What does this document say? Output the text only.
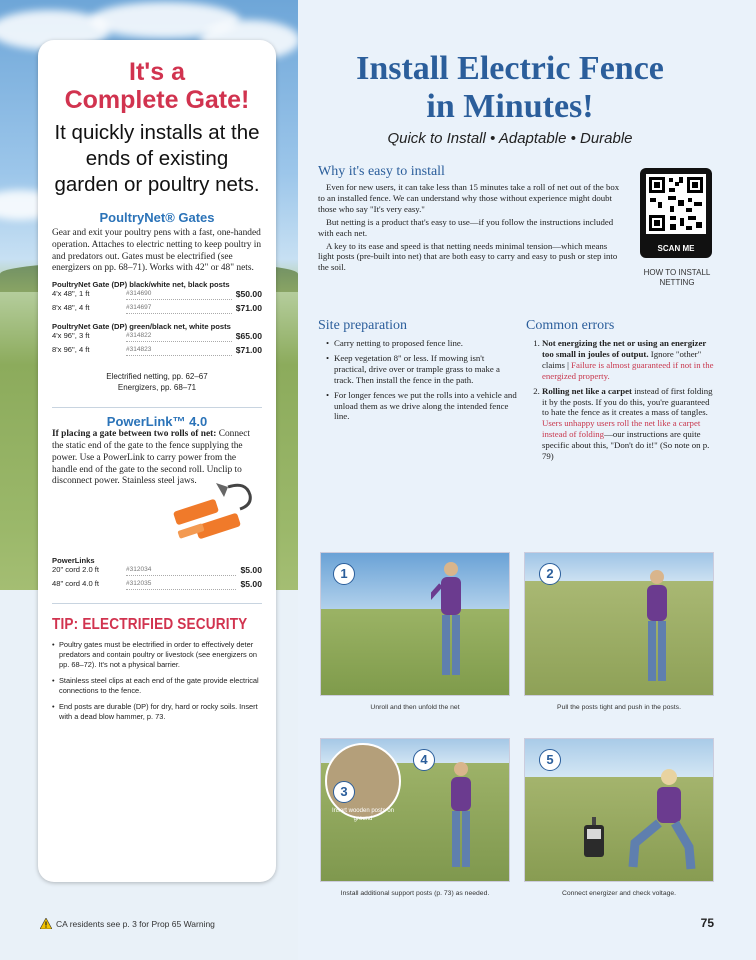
It's a
Complete Gate!
It quickly installs at the ends of existing garden or poultry nets.
PoultryNet® Gates
Gear and exit your poultry pens with a fast, one-handed operation. Attaches to electric netting to keep poultry in and predators out. Gates must be electrified (see energizers on pp. 68–71). Works with 42" or 48" nets.
PoultryNet Gate (DP) black/white net, black posts
4'x 48", 1 ft	#314690	$50.00
8'x 48", 4 ft	#314697	$71.00
PoultryNet Gate (DP) green/black net, white posts
4'x 96", 3 ft	#314822	$65.00
8'x 96", 4 ft	#314823	$71.00
Electrified netting, pp. 62–67
Energizers, pp. 68–71
PowerLink™ 4.0
If placing a gate between two rolls of net: Connect the static end of the gate to the fence supplying the power. Use a PowerLink to carry power from the handle end of the gate to the second roll. Unclip to disconnect power. Stainless steel jaws.
PowerLinks
20" cord 2.0 ft	#312034	$5.00
48" cord 4.0 ft	#312035	$5.00
TIP: ELECTRIFIED SECURITY
• Poultry gates must be electrified in order to effectively deter predators and contain poultry or livestock (see energizers on pp. 68–72). It's not a physical barrier.
• Stainless steel clips at each end of the gate provide electrical connections to the fence.
• End posts are durable (DP) for dry, hard or rocky soils. Insert with a dead blow hammer, p. 73.
CA residents see p. 3 for Prop 65 Warning	75
Install Electric Fence
in Minutes!
Quick to Install • Adaptable • Durable
Why it's easy to install

Even for new users, it can take less than 15 minutes take a roll of net out of the box to an installed fence. We can understand why those without experience might doubt those who say "It's very easy."

But netting is a product that's easy to use—if you follow the instructions included with each net.

A key to its ease and speed is that netting needs minimal tension—which means light posts (pre-built into net) that are both easy to carry and easy to push or step into the soil.

SCAN ME
HOW TO INSTALL NETTING
Site preparation
• Carry netting to proposed fence line.
• Keep vegetation 8" or less. If mowing isn't practical, drive over or trample grass to make a track. Then install the fence in the path.
• For longer fences we put the rolls into a vehicle and unload them as we drive along the intended fence line.
Common errors
1. Not energizing the net or using an energizer too small in joules of output. Ignore "other" claims | Failure is almost guaranteed if not in the energized property.
2. Rolling net like a carpet instead of first folding it by the posts. If you do this, you're guaranteed to hate the fence as it creates a mass of tangles. Users unhappy users roll the net like a carpet instead of folding—our instructions are quite specific about this, "Don't do it!" (So note on p. 79)
1
Unroll and then unfold the net
2
Pull the posts tight and push in the posts.
3
Insert wooden posts on ground
4
Install additional support posts (p. 73) as needed.
5
Connect energizer and check voltage.
